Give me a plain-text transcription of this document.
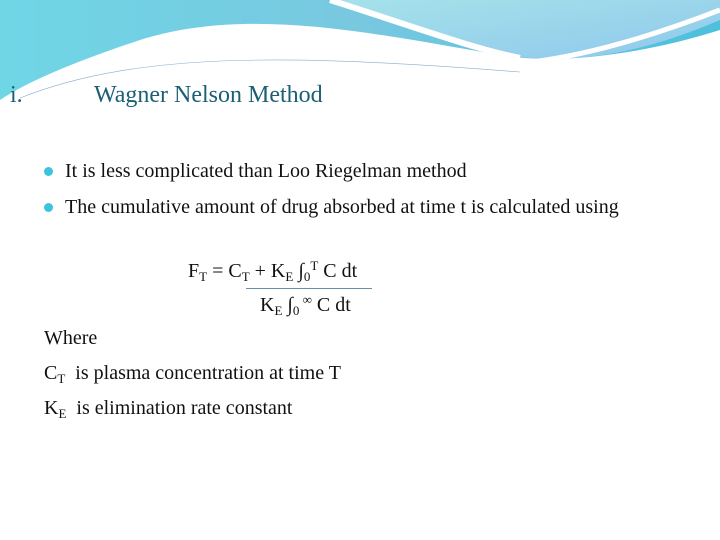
i.	Wagner Nelson Method
It is less complicated than Loo Riegelman method
The cumulative amount of drug absorbed at time t is calculated using
$F_T = C_T + K_E$ $\int_0^T$ C dt
$K_E$ $\int_0$ ∞ C dt
Where
$C_T$  is plasma concentration at time T
$K_E$  is elimination rate constant
